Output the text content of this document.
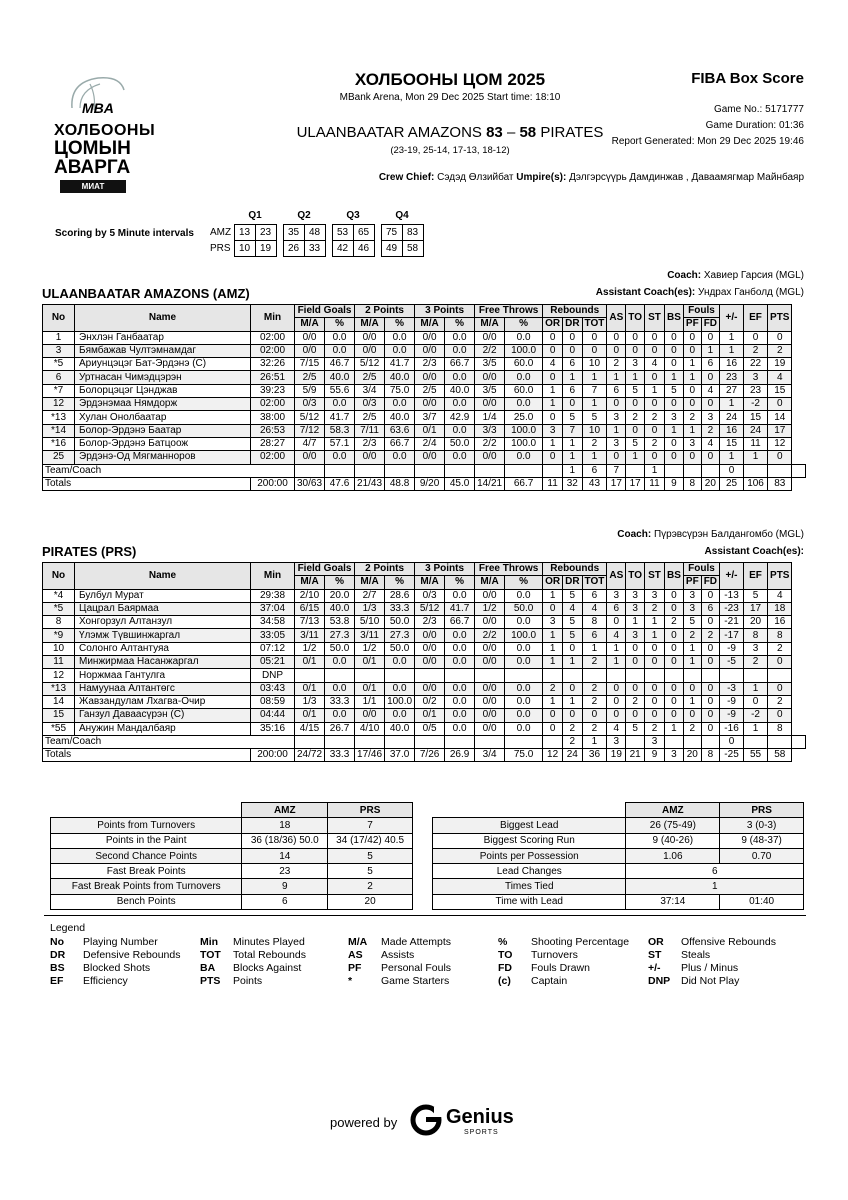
MBA
ХОЛБООНЫ
ЦОМЫН
АВАРГА
МИАТ
ХОЛБООНЫ ЦОМ 2025
MBank Arena, Mon 29 Dec 2025 Start time: 18:10
FIBA Box Score
Game No.: 5171777
Game Duration: 01:36
Report Generated: Mon 29 Dec 2025 19:46
ULAANBAATAR AMAZONS 83 – 58 PIRATES
(23-19, 25-14, 17-13, 18-12)
Crew Chief: Сэдэд Өлзийбат Umpire(s): Дэлгэрсүүрь Дамдинжав , Даваамягмар Майнбаяр
Scoring by 5 Minute intervals
	Q1			Q2			Q3			Q4	
AMZ	13	23		35	48		53	65		75	83
PRS	10	19		26	33		42	46		49	58
Coach: Хавиер Гарсия (MGL)
ULAANBAATAR AMAZONS (AMZ)	Assistant Coach(es): Ундрах Ганболд (MGL)
No	Name	Min	Field Goals		2 Points		3 Points		Free Throws		Rebounds			AS	TO	ST	BS	Fouls		+/-	EF	PTS	
			M/A	%	M/A	%	M/A	%	M/A	%	OR	DR	TOT					PF	FD				
1	Энхлэн Ганбаатар	02:00	0/0	0.0	0/0	0.0	0/0	0.0	0/0	0.0	0	0	0	0	0	0	0	0	0	1	0	0	
3	Бямбажав Чултэмнамдаг	02:00	0/0	0.0	0/0	0.0	0/0	0.0	2/2	100.0	0	0	0	0	0	0	0	0	1	1	2	2	
*5	Ариунцэцэг Бат-Эрдэнэ (C)	32:26	7/15	46.7	5/12	41.7	2/3	66.7	3/5	60.0	4	6	10	2	3	4	0	1	6	16	22	19	
6	Уртнасан Чимэдцэрэн	26:51	2/5	40.0	2/5	40.0	0/0	0.0	0/0	0.0	0	1	1	1	1	0	1	1	0	23	3	4	
*7	Болорцэцэг Цэнджав	39:23	5/9	55.6	3/4	75.0	2/5	40.0	3/5	60.0	1	6	7	6	5	1	5	0	4	27	23	15	
12	Эрдэнэмаа Нямдорж	02:00	0/3	0.0	0/3	0.0	0/0	0.0	0/0	0.0	1	0	1	0	0	0	0	0	0	1	-2	0	
*13	Хулан Онолбаатар	38:00	5/12	41.7	2/5	40.0	3/7	42.9	1/4	25.0	0	5	5	3	2	2	3	2	3	24	15	14	
*14	Болор-Эрдэнэ Баатар	26:53	7/12	58.3	7/11	63.6	0/1	0.0	3/3	100.0	3	7	10	1	0	0	1	1	2	16	24	17	
*16	Болор-Эрдэнэ Батцоож	28:27	4/7	57.1	2/3	66.7	2/4	50.0	2/2	100.0	1	1	2	3	5	2	0	3	4	15	11	12	
25	Эрдэнэ-Од Мягманноров	02:00	0/0	0.0	0/0	0.0	0/0	0.0	0/0	0.0	0	1	1	0	1	0	0	0	0	1	1	0	
Team/Coach												1	6	7		1				0			
Totals		200:00	30/63	47.6	21/43	48.8	9/20	45.0	14/21	66.7	11	32	43	17	17	11	9	8	20	25	106	83	
Coach: Пүрэвсүрэн Балдангомбо (MGL)
PIRATES (PRS)	Assistant Coach(es):
No	Name	Min	Field Goals		2 Points		3 Points		Free Throws		Rebounds			AS	TO	ST	BS	Fouls		+/-	EF	PTS	
			M/A	%	M/A	%	M/A	%	M/A	%	OR	DR	TOT					PF	FD				
*4	Булбул Мурат	29:38	2/10	20.0	2/7	28.6	0/3	0.0	0/0	0.0	1	5	6	3	3	3	0	3	0	-13	5	4	
*5	Цацрал Баярмаа	37:04	6/15	40.0	1/3	33.3	5/12	41.7	1/2	50.0	0	4	4	6	3	2	0	3	6	-23	17	18	
8	Хонгорзул Алтанзул	34:58	7/13	53.8	5/10	50.0	2/3	66.7	0/0	0.0	3	5	8	0	1	1	2	5	0	-21	20	16	
*9	Үлэмж Түвшинжаргал	33:05	3/11	27.3	3/11	27.3	0/0	0.0	2/2	100.0	1	5	6	4	3	1	0	2	2	-17	8	8	
10	Солонго Алтантуяа	07:12	1/2	50.0	1/2	50.0	0/0	0.0	0/0	0.0	1	0	1	1	0	0	0	1	0	-9	3	2	
11	Минжирмаа Насанжаргал	05:21	0/1	0.0	0/1	0.0	0/0	0.0	0/0	0.0	1	1	2	1	0	0	0	1	0	-5	2	0	
12	Норжмаа Гантулга	DNP																					
*13	Намуунаа Алтантөгс	03:43	0/1	0.0	0/1	0.0	0/0	0.0	0/0	0.0	2	0	2	0	0	0	0	0	0	-3	1	0	
14	Жавзандулам Лхагва-Очир	08:59	1/3	33.3	1/1	100.0	0/2	0.0	0/0	0.0	1	1	2	0	2	0	0	1	0	-9	0	2	
15	Ганзул Даваасүрэн (C)	04:44	0/1	0.0	0/0	0.0	0/1	0.0	0/0	0.0	0	0	0	0	0	0	0	0	0	-9	-2	0	
*55	Анужин Мандалбаяр	35:16	4/15	26.7	4/10	40.0	0/5	0.0	0/0	0.0	0	2	2	4	5	2	1	2	0	-16	1	8	
Team/Coach												2	1	3		3				0			
Totals		200:00	24/72	33.3	17/46	37.0	7/26	26.9	3/4	75.0	12	24	36	19	21	9	3	20	8	-25	55	58	
	AMZ	PRS
Points from Turnovers	18	7
Points in the Paint	36 (18/36) 50.0	34 (17/42) 40.5
Second Chance Points	14	5
Fast Break Points	23	5
Fast Break Points from Turnovers	9	2
Bench Points	6	20
	AMZ	PRS
Biggest Lead	26 (75-49)	3 (0-3)
Biggest Scoring Run	9 (40-26)	9 (48-37)
Points per Possession	1.06	0.70
Lead Changes	6	
Times Tied	1	
Time with Lead	37:14	01:40
Legend
No Playing Number	Min Minutes Played	M/A Made Attempts	% Shooting Percentage OR Offensive Rebounds
DR Defensive Rebounds TOT Total Rebounds	AS Assists	TO Turnovers	ST Steals
BS Blocked Shots	BA Blocks Against	PF Personal Fouls	FD Fouls Drawn	+/- Plus / Minus
EF Efficiency	PTS Points	*	Game Starters	(c) Captain	DNP Did Not Play
powered by Genius
SPORTS
